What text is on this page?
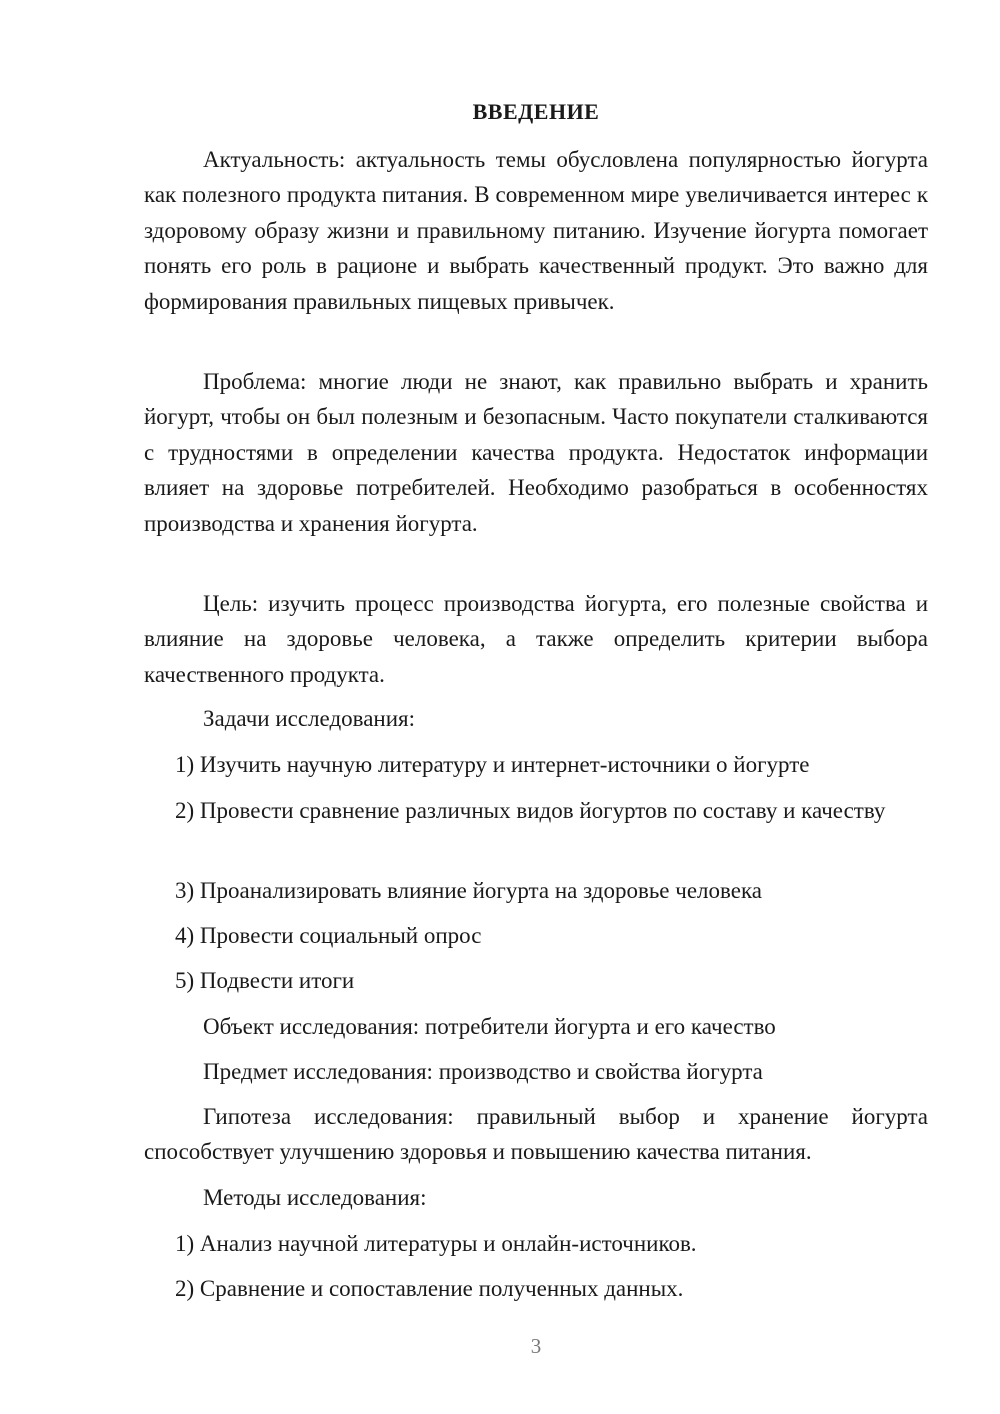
ВВЕДЕНИЕ

Актуальность: актуальность темы обусловлена популярностью йогурта как полезного продукта питания. В современном мире увеличивается интерес к здоровому образу жизни и правильному питанию. Изучение йогурта помогает понять его роль в рационе и выбрать качественный продукт. Это важно для формирования правильных пищевых привычек.

Проблема: многие люди не знают, как правильно выбрать и хранить йогурт, чтобы он был полезным и безопасным. Часто покупатели сталкиваются с трудностями в определении качества продукта. Недостаток информации влияет на здоровье потребителей. Необходимо разобраться в особенностях производства и хранения йогурта.

Цель: изучить процесс производства йогурта, его полезные свойства и влияние на здоровье человека, а также определить критерии выбора качественного продукта.

Задачи исследования:

1) Изучить научную литературу и интернет-источники о йогурте

2) Провести сравнение различных видов йогуртов по составу и качеству

3) Проанализировать влияние йогурта на здоровье человека

4) Провести социальный опрос

5) Подвести итоги

Объект исследования: потребители йогурта и его качество

Предмет исследования: производство и свойства йогурта

Гипотеза исследования: правильный выбор и хранение йогурта способствует улучшению здоровья и повышению качества питания.

Методы исследования:

1) Анализ научной литературы и онлайн-источников.

2) Сравнение и сопоставление полученных данных.

3
